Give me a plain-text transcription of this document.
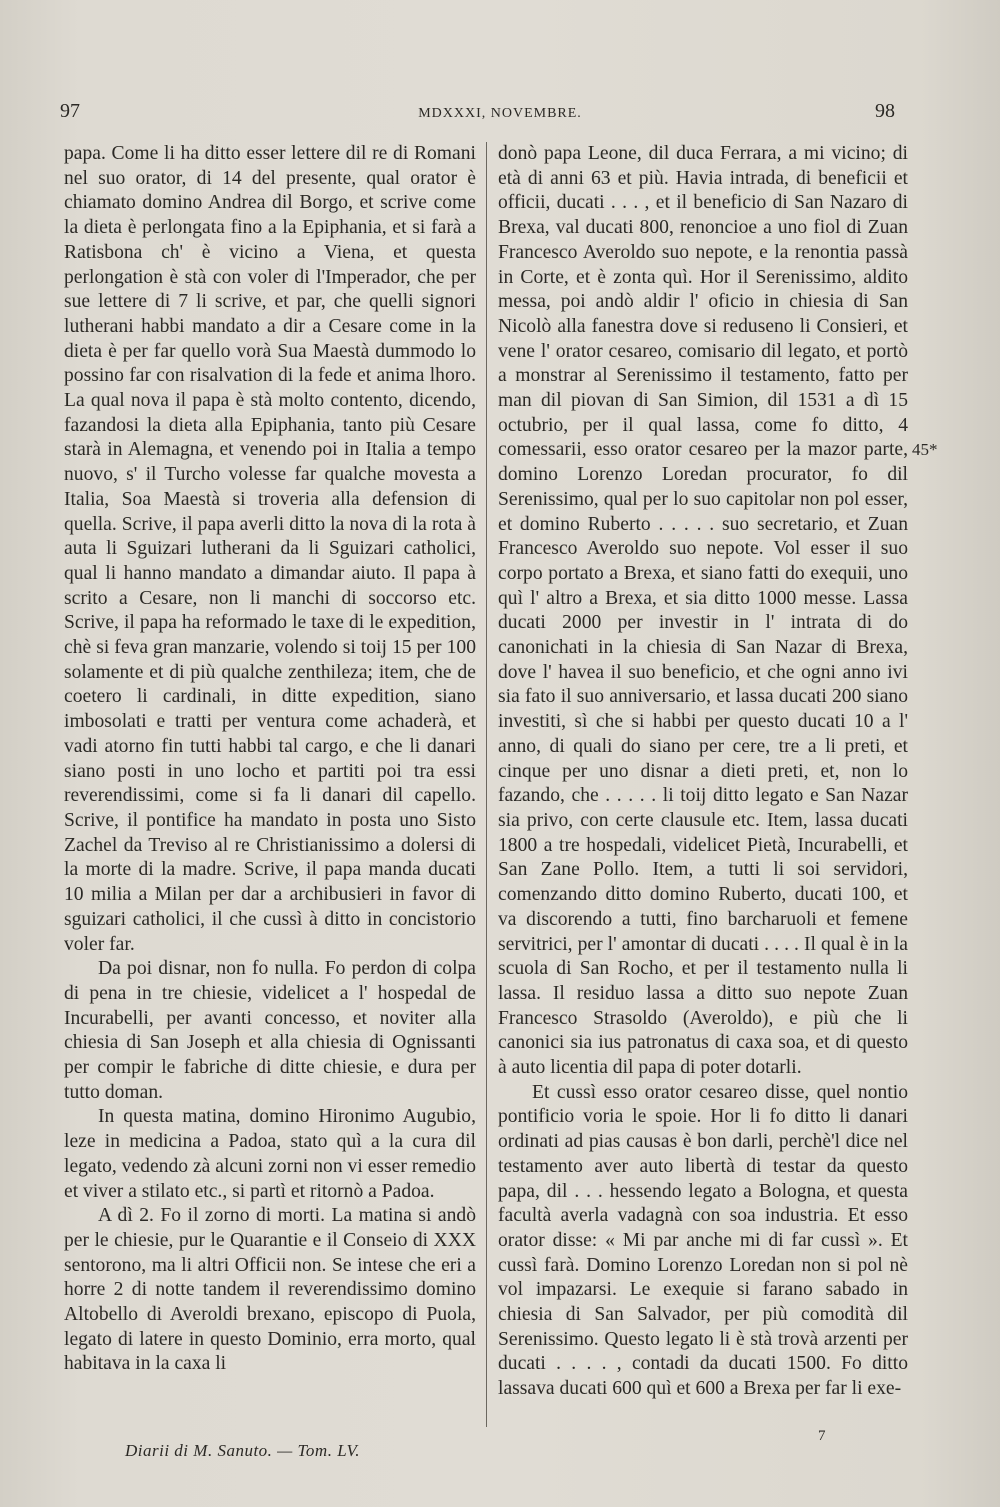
97	MDXXXI, NOVEMBRE.	98

papa. Come li ha ditto esser lettere dil re di Romani nel suo orator, di 14 del presente, qual orator è chiamato domino Andrea dil Borgo, et scrive come la dieta è perlongata fino a la Epiphania, et si farà a Ratisbona ch' è vicino a Viena, et questa perlongation è stà con voler di l'Imperador, che per sue lettere di 7 li scrive, et par, che quelli signori lutherani habbi mandato a dir a Cesare come in la dieta è per far quello vorà Sua Maestà dummodo lo possino far con risalvation di la fede et anima lhoro. La qual nova il papa è stà molto contento, dicendo, fazandosi la dieta alla Epiphania, tanto più Cesare starà in Alemagna, et venendo poi in Italia a tempo nuovo, s' il Turcho volesse far qualche movesta a Italia, Soa Maestà si troveria alla defension di quella. Scrive, il papa averli ditto la nova di la rota à auta li Sguizari lutherani da li Sguizari catholici, qual li hanno mandato a dimandar aiuto. Il papa à scrito a Cesare, non li manchi di soccorso etc. Scrive, il papa ha reformado le taxe di le expedition, chè si feva gran manzarie, volendo si toij 15 per 100 solamente et di più qualche zenthileza; item, che de coetero li cardinali, in ditte expedition, siano imbosolati e tratti per ventura come achaderà, et vadi atorno fin tutti habbi tal cargo, e che li danari siano posti in uno locho et partiti poi tra essi reverendissimi, come si fa li danari dil capello. Scrive, il pontifice ha mandato in posta uno Sisto Zachel da Treviso al re Christianissimo a dolersi di la morte di la madre. Scrive, il papa manda ducati 10 milia a Milan per dar a archibusieri in favor di sguizari catholici, il che cussì à ditto in concistorio voler far.

Da poi disnar, non fo nulla. Fo perdon di colpa di pena in tre chiesie, videlicet a l' hospedal de Incurabelli, per avanti concesso, et noviter alla chiesia di San Joseph et alla chiesia di Ognissanti per compir le fabriche di ditte chiesie, e dura per tutto doman.

In questa matina, domino Hironimo Augubio, leze in medicina a Padoa, stato quì a la cura dil legato, vedendo zà alcuni zorni non vi esser remedio et viver a stilato etc., si partì et ritornò a Padoa.

A dì 2. Fo il zorno di morti. La matina si andò per le chiesie, pur le Quarantie e il Conseio di XXX sentorono, ma li altri Officii non. Se intese che eri a horre 2 di notte tandem il reverendissimo domino Altobello di Averoldi brexano, episcopo di Puola, legato di latere in questo Dominio, erra morto, qual habitava in la caxa li

donò papa Leone, dil duca Ferrara, a mi vicino; di età di anni 63 et più. Havia intrada, di beneficii et officii, ducati . . . , et il beneficio di San Nazaro di Brexa, val ducati 800, renoncioe a uno fiol di Zuan Francesco Averoldo suo nepote, e la renontia passà in Corte, et è zonta quì. Hor il Serenissimo, aldito messa, poi andò aldir l' oficio in chiesia di San Nicolò alla fanestra dove si reduseno li Consieri, et vene l' orator cesareo, comisario dil legato, et portò a monstrar al Serenissimo il testamento, fatto per man dil piovan di San Simion, dil 1531 a dì 15 octubrio, per il qual lassa, come fo ditto, 4 comessarii, esso orator cesareo per la mazor parte, domino Lorenzo Loredan procurator, fo dil Serenissimo, qual per lo suo capitolar non pol esser, et domino Ruberto . . . . . suo secretario, et Zuan Francesco Averoldo suo nepote. Vol esser il suo corpo portato a Brexa, et siano fatti do exequii, uno quì l' altro a Brexa, et sia ditto 1000 messe. Lassa ducati 2000 per investir in l' intrata di do canonichati in la chiesia di San Nazar di Brexa, dove l' havea il suo beneficio, et che ogni anno ivi sia fato il suo anniversario, et lassa ducati 200 siano investiti, sì che si habbi per questo ducati 10 a l' anno, di quali do siano per cere, tre a li preti, et cinque per uno disnar a dieti preti, et, non lo fazando, che . . . . . li toij ditto legato e San Nazar sia privo, con certe clausule etc. Item, lassa ducati 1800 a tre hospedali, videlicet Pietà, Incurabelli, et San Zane Pollo. Item, a tutti li soi servidori, comenzando ditto domino Ruberto, ducati 100, et va discorendo a tutti, fino barcharuoli et femene servitrici, per l' amontar di ducati . . . . Il qual è in la scuola di San Rocho, et per il testamento nulla li lassa. Il residuo lassa a ditto suo nepote Zuan Francesco Strasoldo (Averoldo), e più che li canonici sia ius patronatus di caxa soa, et di questo à auto licentia dil papa di poter dotarli.

Et cussì esso orator cesareo disse, quel nontio pontificio voria le spoie. Hor li fo ditto li danari ordinati ad pias causas è bon darli, perchè'l dice nel testamento aver auto libertà di testar da questo papa, dil . . . hessendo legato a Bologna, et questa facultà averla vadagnà con soa industria. Et esso orator disse: « Mi par anche mi di far cussì ». Et cussì farà. Domino Lorenzo Loredan non si pol nè vol impazarsi. Le exequie si farano sabado in chiesia di San Salvador, per più comodità dil Serenissimo. Questo legato li è stà trovà arzenti per ducati . . . . , contadi da ducati 1500. Fo ditto lassava ducati 600 quì et 600 a Brexa per far li exe-

45*
Diarii di M. Sanuto. — Tom. LV.
7
